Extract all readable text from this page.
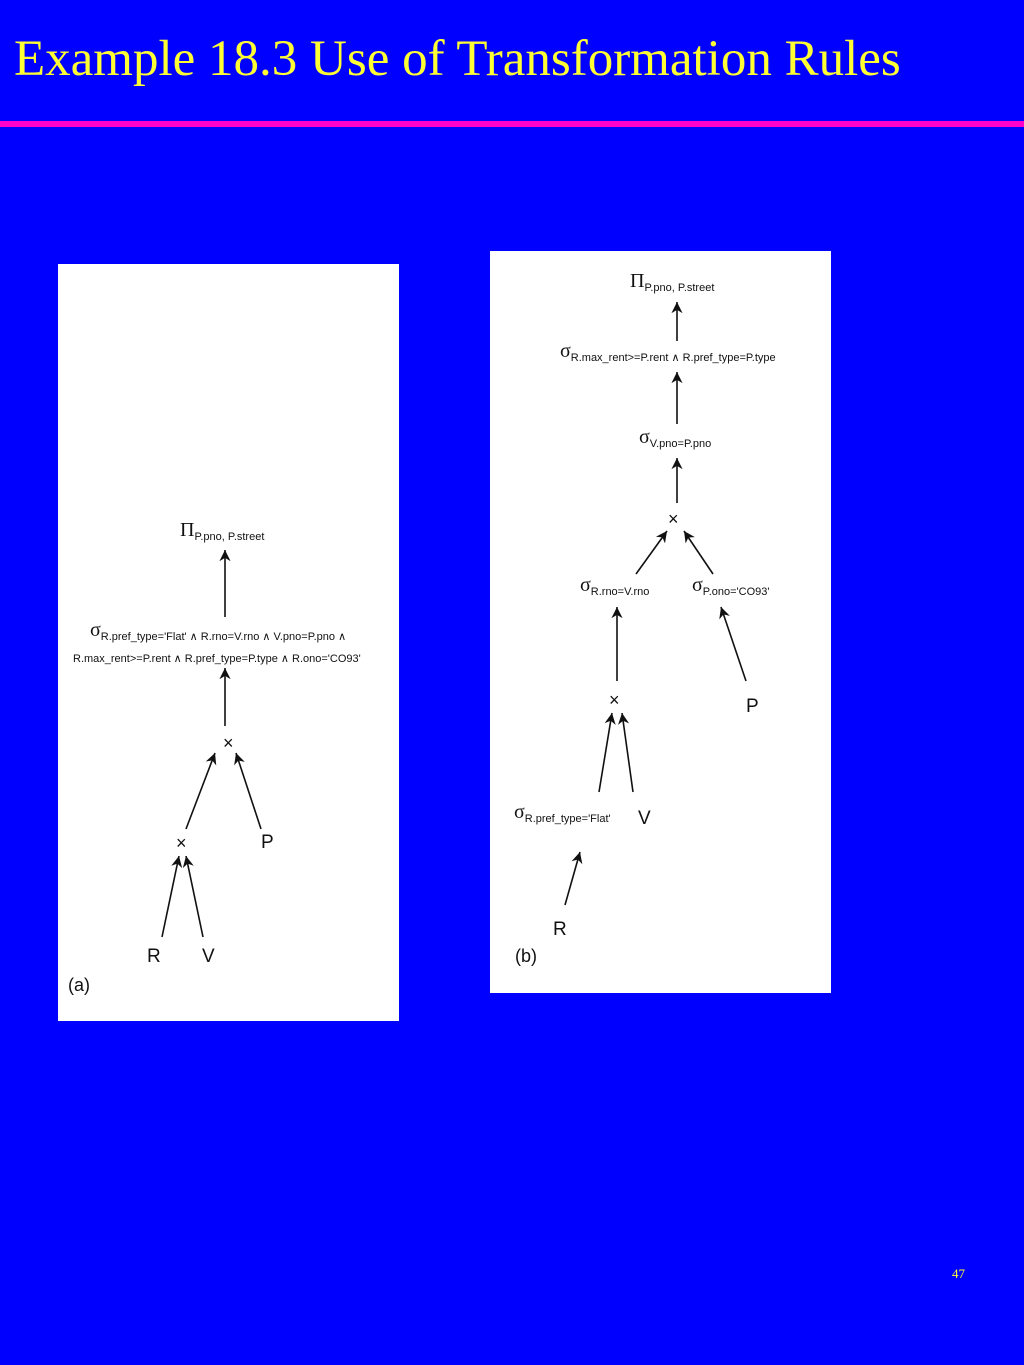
Example 18.3 Use of Transformation Rules
$\Pi_{P.pno, P.street}$
$\sigma_{R.pref\_type='Flat' \wedge R.rno=V.rno \wedge V.pno=P.pno \wedge}$
R.max_rent>=P.rent ∧ R.pref_type=P.type ∧ R.ono='CO93'
×
×	P
R V
(a)
$\Pi_{P.pno, P.street}$
$\sigma_{R.max\_rent>=P.rent \wedge R.pref\_type=P.type}$
$\sigma_{V.pno=P.pno}$
×
$\sigma_{R.rno=V.rno}$ $\sigma_{P.ono='CO93'}$
×	P
$\sigma_{R.pref\_type='Flat'}$ V
R
(b)
47
